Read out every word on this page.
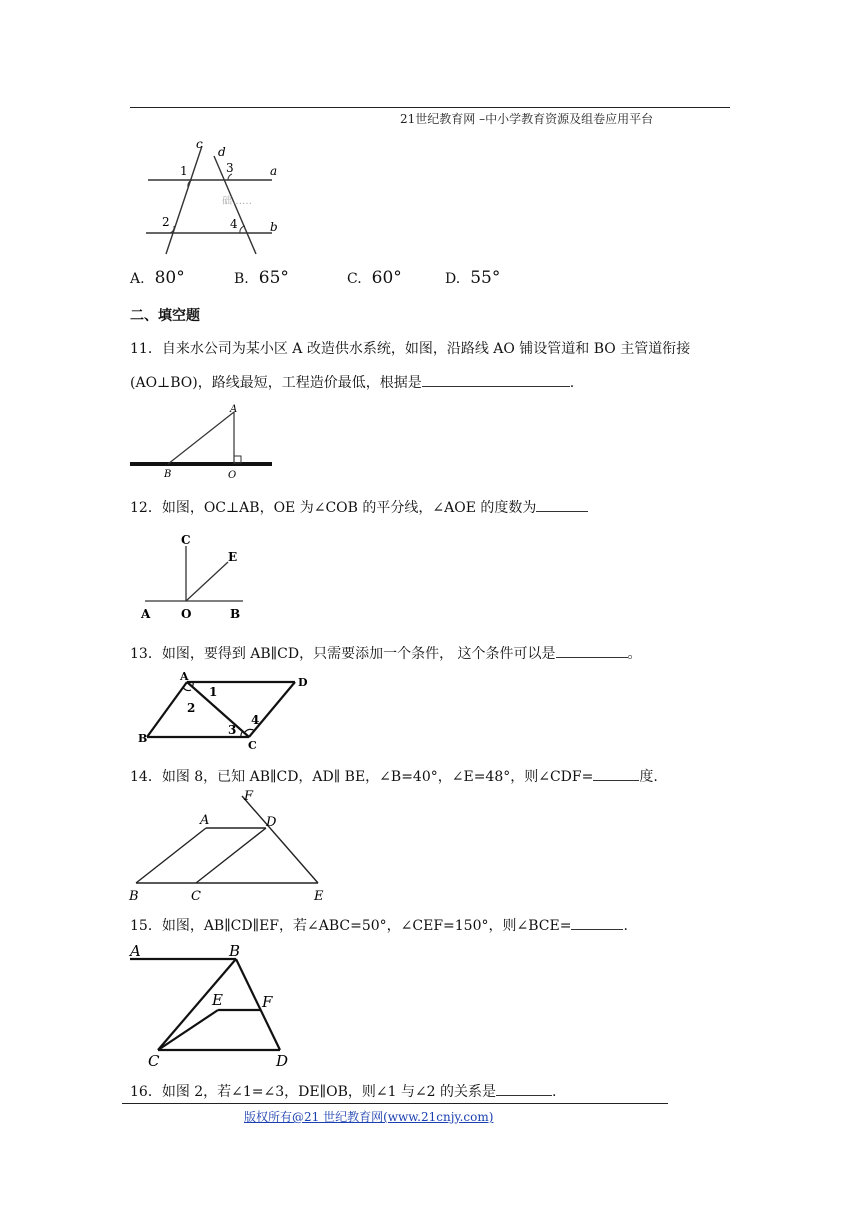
21世纪教育网 –中小学教育资源及组卷应用平台
c
d
1	3	a
2	4	b
础……
A. 80°	B. 65°	C. 60°	D. 55°
二、填空题
11．自来水公司为某小区 A 改造供水系统，如图，沿路线 AO 铺设管道和 BO 主管道衔接
(AO⊥BO)，路线最短，工程造价最低，根据是	.
A
B	O
12．如图，OC⊥AB，OE 为∠COB 的平分线，∠AOE 的度数为
C
E
A	O	B
13．如图，要得到 AB∥CD，只需要添加一个条件， 这个条件可以是	。
A	D
1
2
4
B
3
C
14．如图 8，已知 AB∥CD，AD∥ BE，∠B=40°，∠E=48°，则∠CDF=	度.
F
A	D
B	C	E
15．如图，AB∥CD∥EF，若∠ABC=50°，∠CEF=150°，则∠BCE=	.
A	B
E	F
C	D
16．如图 2，若∠1=∠3，DE∥OB，则∠1 与∠2 的关系是	.
版权所有@21 世纪教育网(www.21cnjy.com)
